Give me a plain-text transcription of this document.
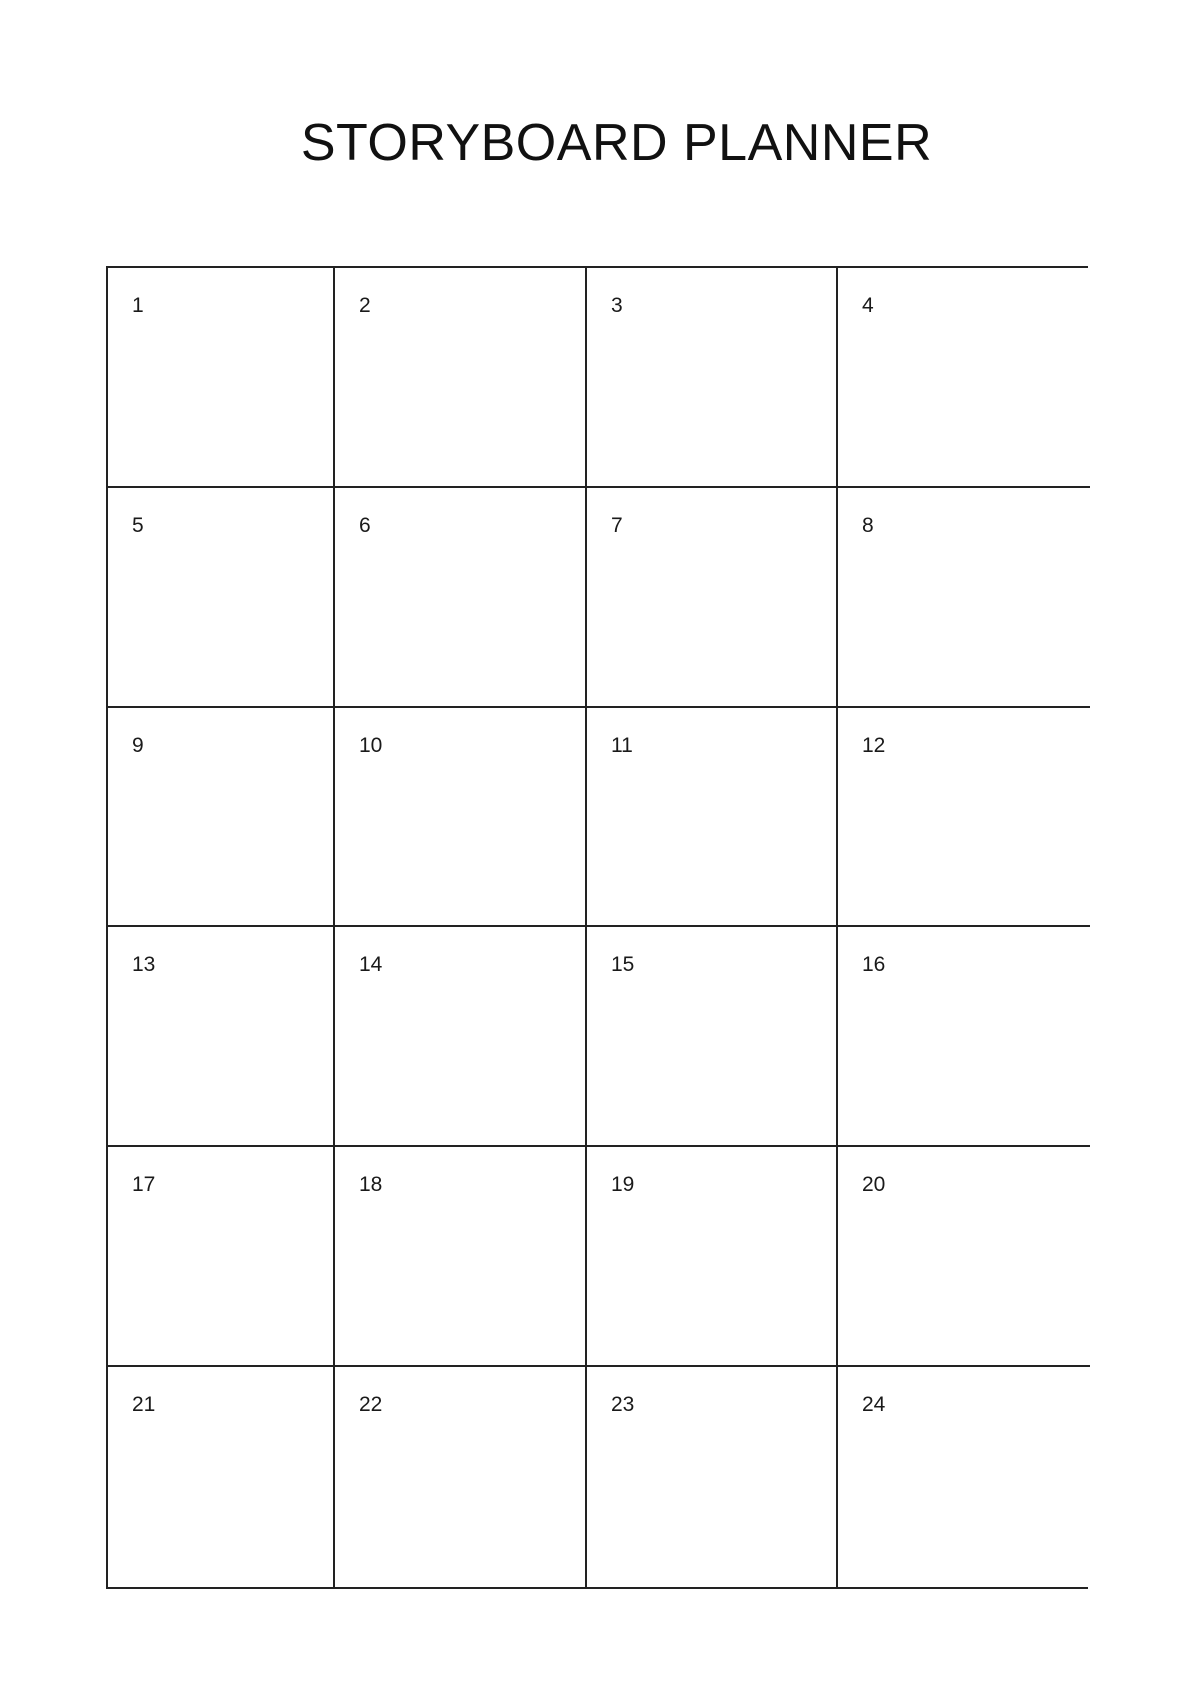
STORYBOARD PLANNER
1	2	3	4
5	6	7	8
9	10	11	12
13	14	15	16
17	18	19	20
21	22	23	24
